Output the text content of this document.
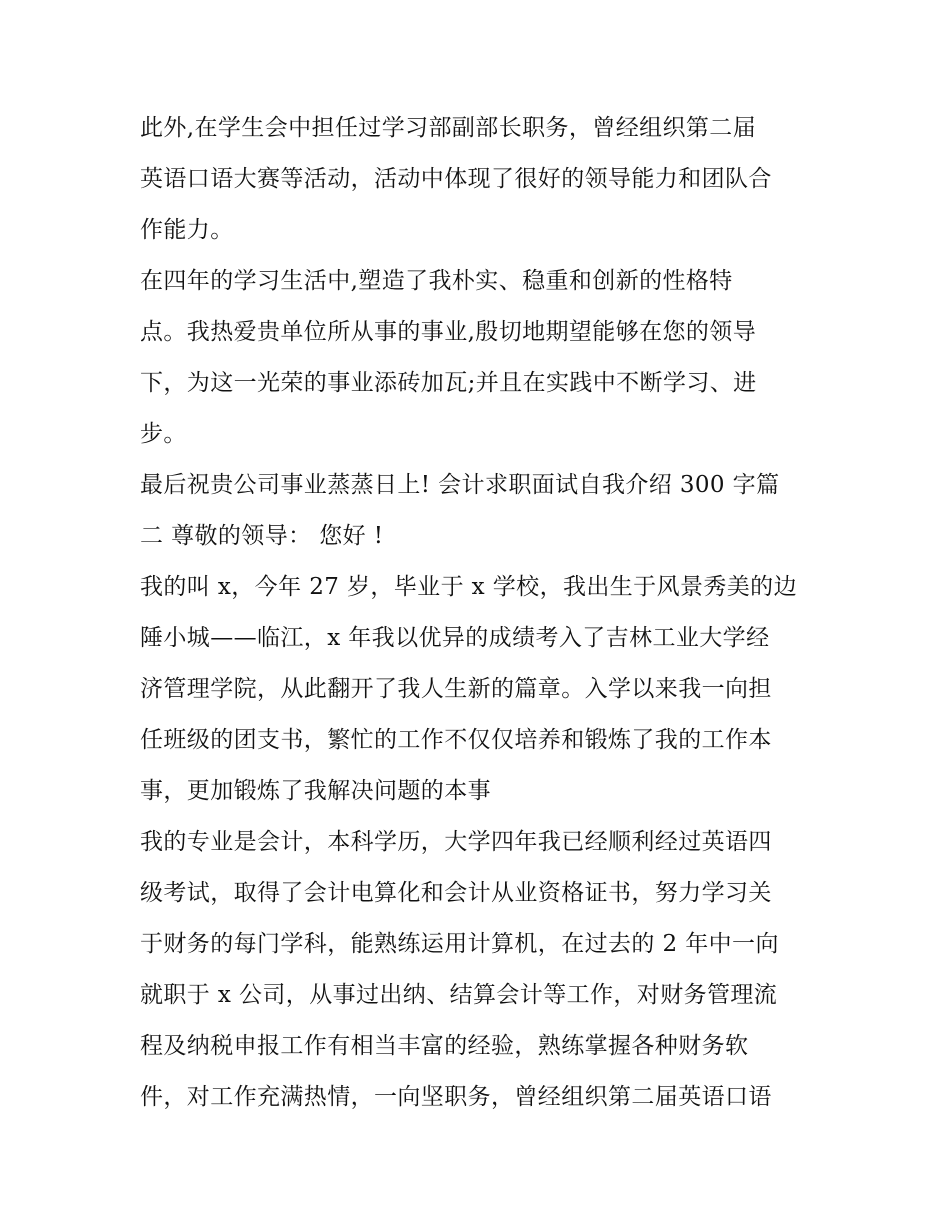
此外,在学生会中担任过学习部副部长职务，曾经组织第二届
英语口语大赛等活动，活动中体现了很好的领导能力和团队合
作能力。
在四年的学习生活中,塑造了我朴实、稳重和创新的性格特
点。我热爱贵单位所从事的事业,殷切地期望能够在您的领导
下，为这一光荣的事业添砖加瓦;并且在实践中不断学习、进
步。
最后祝贵公司事业蒸蒸日上! 会计求职面试自我介绍 300 字篇
二 尊敬的领导： 您好 !
我的叫 x，今年 27 岁，毕业于 x 学校，我出生于风景秀美的边
陲小城——临江，x 年我以优异的成绩考入了吉林工业大学经
济管理学院，从此翻开了我人生新的篇章。入学以来我一向担
任班级的团支书，繁忙的工作不仅仅培养和锻炼了我的工作本
事，更加锻炼了我解决问题的本事
我的专业是会计，本科学历，大学四年我已经顺利经过英语四
级考试，取得了会计电算化和会计从业资格证书，努力学习关
于财务的每门学科，能熟练运用计算机，在过去的 2 年中一向
就职于 x 公司，从事过出纳、结算会计等工作，对财务管理流
程及纳税申报工作有相当丰富的经验，熟练掌握各种财务软
件，对工作充满热情，一向坚职务，曾经组织第二届英语口语
